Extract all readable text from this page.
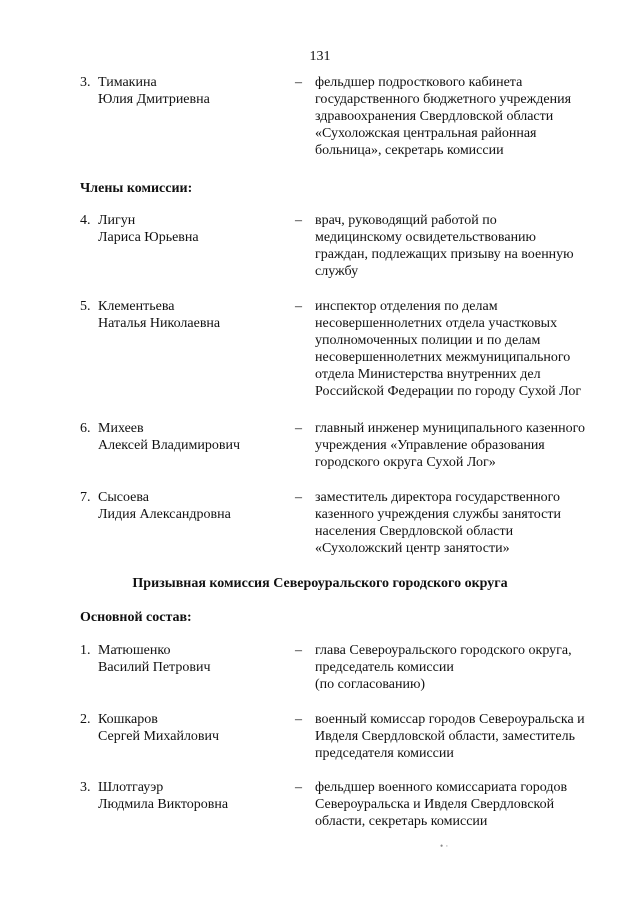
131
3. Тимакина
Юлия Дмитриевна
– фельдшер подросткового кабинета
государственного бюджетного учреждения
здравоохранения Свердловской области
«Сухоложская центральная районная
больница», секретарь комиссии
Члены комиссии:
4. Лигун
Лариса Юрьевна
– врач, руководящий работой по
медицинскому освидетельствованию
граждан, подлежащих призыву на военную
службу
5. Клементьева
Наталья Николаевна
– инспектор отделения по делам
несовершеннолетних отдела участковых
уполномоченных полиции и по делам
несовершеннолетних межмуниципального
отдела Министерства внутренних дел
Российской Федерации по городу Сухой Лог
6. Михеев
Алексей Владимирович
– главный инженер муниципального казенного
учреждения «Управление образования
городского округа Сухой Лог»
7. Сысоева
Лидия Александровна
– заместитель директора государственного
казенного учреждения службы занятости
населения Свердловской области
«Сухоложский центр занятости»
Призывная комиссия Североуральского городского округа
Основной состав:
1. Матюшенко
Василий Петрович
– глава Североуральского городского округа,
председатель комиссии
(по согласованию)
2. Кошкаров
Сергей Михайлович
– военный комиссар городов Североуральска и
Ивделя Свердловской области, заместитель
председателя комиссии
3. Шлотгауэр
Людмила Викторовна
– фельдшер военного комиссариата городов
Североуральска и Ивделя Свердловской
области, секретарь комиссии
• ·
